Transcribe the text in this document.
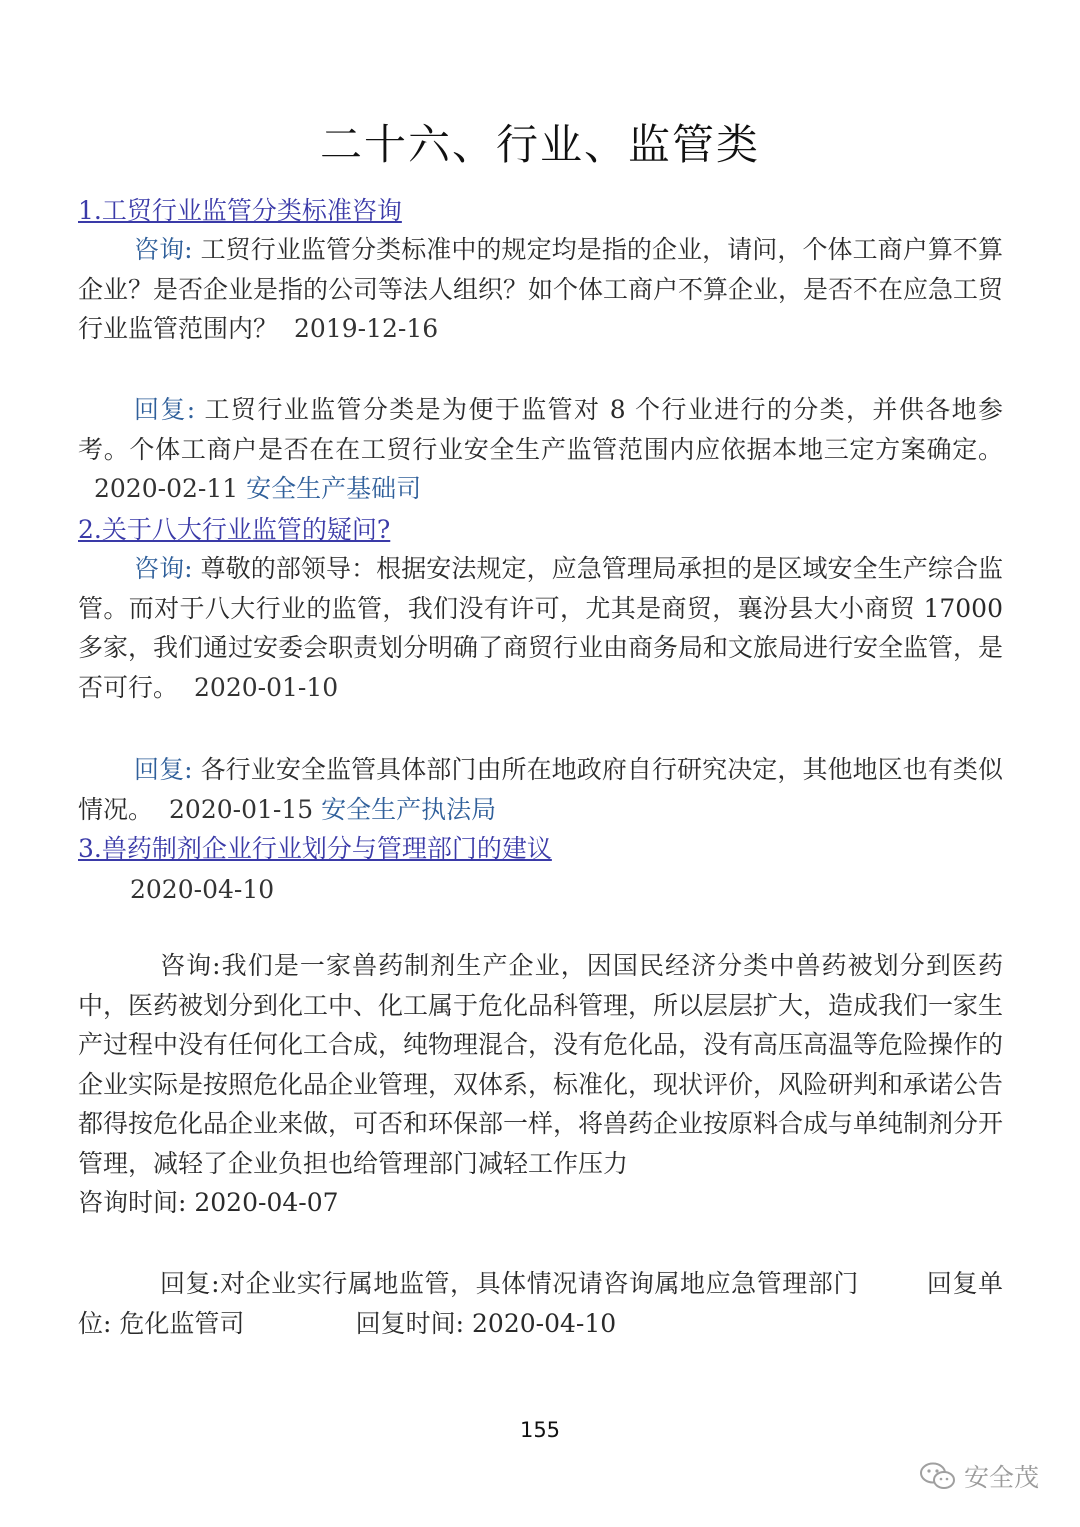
二十六、行业、监管类
1.工贸行业监管分类标准咨询
咨询: 工贸行业监管分类标准中的规定均是指的企业，请问，个体工商户算不算企业？是否企业是指的公司等法人组织？如个体工商户不算企业，是否不在应急工贸行业监管范围内？ 2019-12-16
回复: 工贸行业监管分类是为便于监管对 8 个行业进行的分类，并供各地参考。个体工商户是否在在工贸行业安全生产监管范围内应依据本地三定方案确定。2020-02-11 安全生产基础司
2.关于八大行业监管的疑问?
咨询: 尊敬的部领导：根据安法规定，应急管理局承担的是区域安全生产综合监管。而对于八大行业的监管，我们没有许可，尤其是商贸，襄汾县大小商贸 17000 多家，我们通过安委会职责划分明确了商贸行业由商务局和文旅局进行安全监管，是否可行。 2020-01-10
回复: 各行业安全监管具体部门由所在地政府自行研究决定，其他地区也有类似情况。 2020-01-15 安全生产执法局
3.兽药制剂企业行业划分与管理部门的建议
2020-04-10
咨询:我们是一家兽药制剂生产企业，因国民经济分类中兽药被划分到医药中，医药被划分到化工中、化工属于危化品科管理，所以层层扩大，造成我们一家生产过程中没有任何化工合成，纯物理混合，没有危化品，没有高压高温等危险操作的企业实际是按照危化品企业管理，双体系，标准化，现状评价，风险研判和承诺公告都得按危化品企业来做，可否和环保部一样，将兽药企业按原料合成与单纯制剂分开管理，减轻了企业负担也给管理部门减轻工作压力
咨询时间: 2020-04-07
回复:对企业实行属地监管，具体情况请咨询属地应急管理部门	回复单位: 危化监管司	回复时间: 2020-04-10
155
安全茂
